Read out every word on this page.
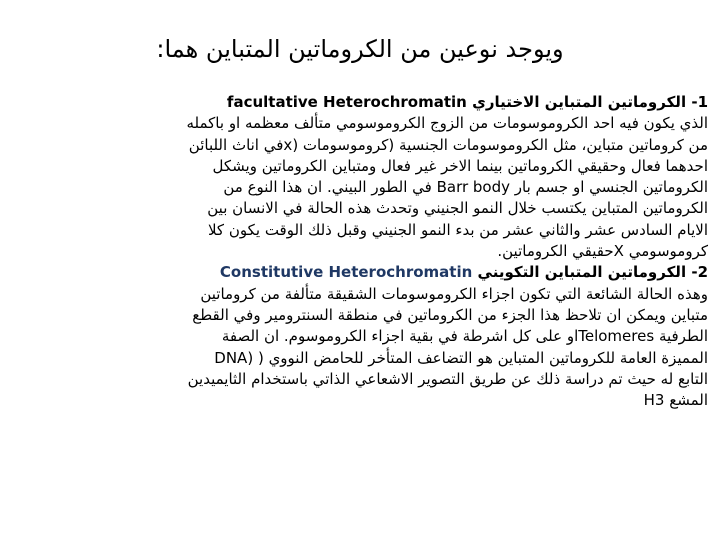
ويوجد نوعين من الكروماتين المتباين هما:
1- الكروماتين المتباين الاختياري facultative Heterochromatin
الذي يكون فيه احد الكروموسومات من الزوج الكروموسومي متألف معظمه او باكمله
من كروماتين متباين، مثل الكروموسومات الجنسية (كروموسومات (xفي اناث اللبائن
احدهما فعال وحقيقي الكروماتين بينما الاخر غير فعال ومتباين الكروماتين ويشكل
الكروماتين الجنسي او جسم بار Barr body في الطور البيني. ان هذا النوع من
الكروماتين المتباين يكتسب خلال النمو الجنيني وتحدث هذه الحالة في الانسان بين
الايام السادس عشر والثاني عشر من بدء النمو الجنيني وقبل ذلك الوقت يكون كلا
كروموسومي Xحقيقي الكروماتين.
2- الكروماتين المتباين التكويني Constitutive Heterochromatin
وهذه الحالة الشائعة التي تكون اجزاء الكروموسومات الشقيقة متألفة من كروماتين
متباين ويمكن ان تلاحظ هذا الجزء من الكروماتين في منطقة السنترومير وفي القطع
الطرفية Telomeresاو على كل اشرطة في بقية اجزاء الكروموسوم. ان الصفة
المميزة العامة للكروماتين المتباين هو التضاعف المتأخر للحامض النووي ( (DNA
التابع له حيث تم دراسة ذلك عن طريق التصوير الاشعاعي الذاتي باستخدام الثايميدين
المشع H3
